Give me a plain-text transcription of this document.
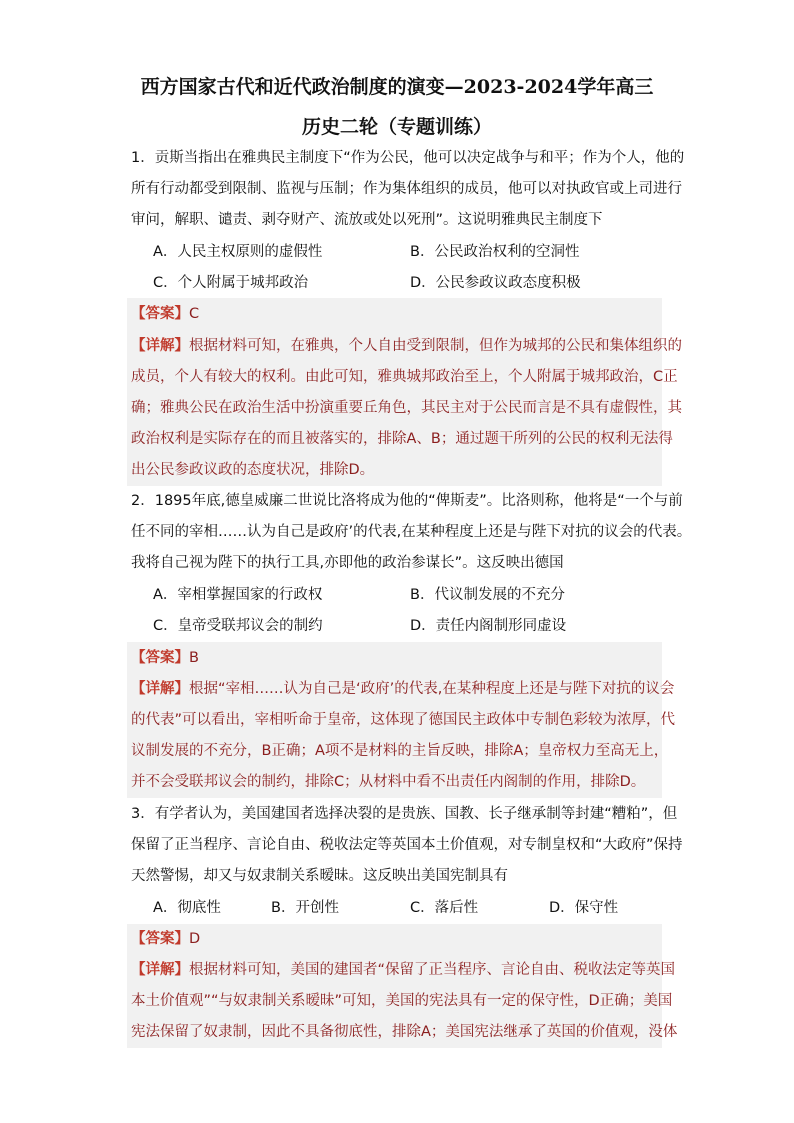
西方国家古代和近代政治制度的演变—2023-2024学年高三
历史二轮（专题训练）
1．贡斯当指出在雅典民主制度下“作为公民，他可以决定战争与和平；作为个人，他的
所有行动都受到限制、监视与压制；作为集体组织的成员，他可以对执政官或上司进行
审问，解职、谴责、剥夺财产、流放或处以死刑”。这说明雅典民主制度下
A．人民主权原则的虚假性	B．公民政治权利的空洞性
C．个人附属于城邦政治	D．公民参政议政态度积极
【答案】C
【详解】根据材料可知，在雅典，个人自由受到限制，但作为城邦的公民和集体组织的
成员，个人有较大的权利。由此可知，雅典城邦政治至上，个人附属于城邦政治，C正
确；雅典公民在政治生活中扮演重要丘角色，其民主对于公民而言是不具有虚假性，其
政治权利是实际存在的而且被落实的，排除A、B；通过题干所列的公民的权利无法得
出公民参政议政的态度状况，排除D。
2．1895年底,德皇威廉二世说比洛将成为他的“俾斯麦”。比洛则称，他将是“一个与前
任不同的宰相……认为自己是政府’的代表,在某种程度上还是与陛下对抗的议会的代表。
我将自己视为陛下的执行工具,亦即他的政治参谋长”。这反映出德国
A．宰相掌握国家的行政权	B．代议制发展的不充分
C．皇帝受联邦议会的制约	D．责任内阁制形同虚设
【答案】B
【详解】根据“宰相……认为自己是‘政府’的代表,在某种程度上还是与陛下对抗的议会
的代表”可以看出，宰相听命于皇帝，这体现了德国民主政体中专制色彩较为浓厚，代
议制发展的不充分，B正确；A项不是材料的主旨反映，排除A；皇帝权力至高无上，
并不会受联邦议会的制约，排除C；从材料中看不出责任内阁制的作用，排除D。
3．有学者认为，美国建国者选择决裂的是贵族、国教、长子继承制等封建“糟粕”，但
保留了正当程序、言论自由、税收法定等英国本土价值观，对专制皇权和“大政府”保持
天然警惕，却又与奴隶制关系暧昧。这反映出美国宪制具有
A．彻底性	B．开创性	C．落后性	D．保守性
【答案】D
【详解】根据材料可知，美国的建国者“保留了正当程序、言论自由、税收法定等英国
本土价值观”“与奴隶制关系暧昧”可知，美国的宪法具有一定的保守性，D正确；美国
宪法保留了奴隶制，因此不具备彻底性，排除A；美国宪法继承了英国的价值观，没体
